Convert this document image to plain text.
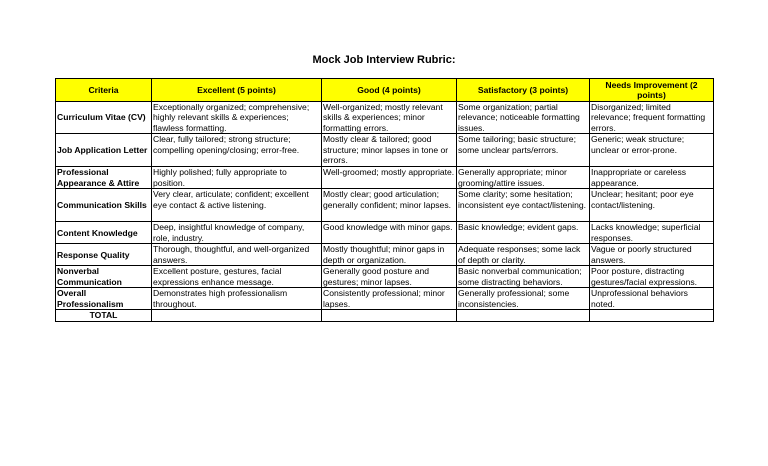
Mock Job Interview Rubric:
Criteria	Excellent (5 points)	Good (4 points)	Satisfactory (3 points)	Needs Improvement (2 points)
Curriculum Vitae (CV)	Exceptionally organized; comprehensive; highly relevant skills & experiences; flawless formatting.	Well-organized; mostly relevant skills & experiences; minor formatting errors.	Some organization; partial relevance; noticeable formatting issues.	Disorganized; limited relevance; frequent formatting errors.
Job Application Letter	Clear, fully tailored; strong structure; compelling opening/closing; error-free.	Mostly clear & tailored; good structure; minor lapses in tone or errors.	Some tailoring; basic structure; some unclear parts/errors.	Generic; weak structure; unclear or error-prone.
Professional Appearance & Attire	Highly polished; fully appropriate to position.	Well-groomed; mostly appropriate.	Generally appropriate; minor grooming/attire issues.	Inappropriate or careless appearance.
Communication Skills	Very clear, articulate; confident; excellent eye contact & active listening.	Mostly clear; good articulation; generally confident; minor lapses.	Some clarity; some hesitation; inconsistent eye contact/listening.	Unclear; hesitant; poor eye contact/listening.
Content Knowledge	Deep, insightful knowledge of company, role, industry.	Good knowledge with minor gaps.	Basic knowledge; evident gaps.	Lacks knowledge; superficial responses.
Response Quality	Thorough, thoughtful, and well-organized answers.	Mostly thoughtful; minor gaps in depth or organization.	Adequate responses; some lack of depth or clarity.	Vague or poorly structured answers.
Nonverbal Communication	Excellent posture, gestures, facial expressions enhance message.	Generally good posture and gestures; minor lapses.	Basic nonverbal communication; some distracting behaviors.	Poor posture, distracting gestures/facial expressions.
Overall Professionalism	Demonstrates high professionalism throughout.	Consistently professional; minor lapses.	Generally professional; some inconsistencies.	Unprofessional behaviors noted.
TOTAL				
